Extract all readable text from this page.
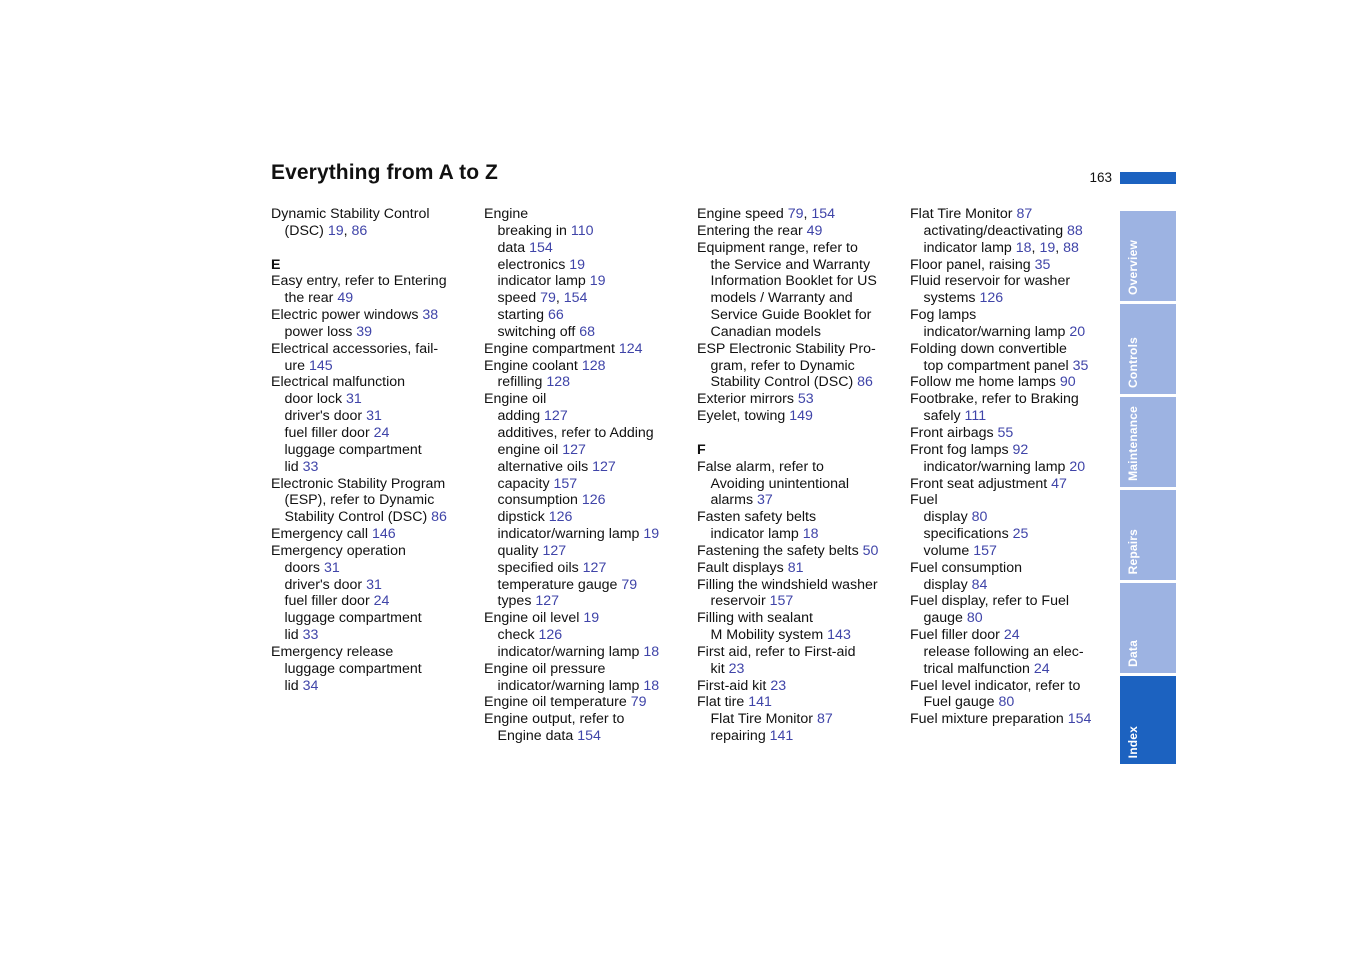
Everything from A to Z	163
Dynamic Stability Control
(DSC) 19, 86
E
Easy entry, refer to Entering
the rear 49
Electric power windows 38
power loss 39
Electrical accessories, fail-
ure 145
Electrical malfunction
door lock 31
driver's door 31
fuel filler door 24
luggage compartment
lid 33
Electronic Stability Program
(ESP), refer to Dynamic
Stability Control (DSC) 86
Emergency call 146
Emergency operation
doors 31
driver's door 31
fuel filler door 24
luggage compartment
lid 33
Emergency release
luggage compartment
lid 34
Engine
breaking in 110
data 154
electronics 19
indicator lamp 19
speed 79, 154
starting 66
switching off 68
Engine compartment 124
Engine coolant 128
refilling 128
Engine oil
adding 127
additives, refer to Adding
engine oil 127
alternative oils 127
capacity 157
consumption 126
dipstick 126
indicator/warning lamp 19
quality 127
specified oils 127
temperature gauge 79
types 127
Engine oil level 19
check 126
indicator/warning lamp 18
Engine oil pressure
indicator/warning lamp 18
Engine oil temperature 79
Engine output, refer to
Engine data 154
Engine speed 79, 154
Entering the rear 49
Equipment range, refer to
the Service and Warranty
Information Booklet for US
models / Warranty and
Service Guide Booklet for
Canadian models
ESP Electronic Stability Pro-
gram, refer to Dynamic
Stability Control (DSC) 86
Exterior mirrors 53
Eyelet, towing 149
F
False alarm, refer to
Avoiding unintentional
alarms 37
Fasten safety belts
indicator lamp 18
Fastening the safety belts 50
Fault displays 81
Filling the windshield washer
reservoir 157
Filling with sealant
M Mobility system 143
First aid, refer to First-aid
kit 23
First-aid kit 23
Flat tire 141
Flat Tire Monitor 87
repairing 141
Flat Tire Monitor 87
activating/deactivating 88
indicator lamp 18, 19, 88
Floor panel, raising 35
Fluid reservoir for washer
systems 126
Fog lamps
indicator/warning lamp 20
Folding down convertible
top compartment panel 35
Follow me home lamps 90
Footbrake, refer to Braking
safely 111
Front airbags 55
Front fog lamps 92
indicator/warning lamp 20
Front seat adjustment 47
Fuel
display 80
specifications 25
volume 157
Fuel consumption
display 84
Fuel display, refer to Fuel
gauge 80
Fuel filler door 24
release following an elec-
trical malfunction 24
Fuel level indicator, refer to
Fuel gauge 80
Fuel mixture preparation 154
Overview
Controls
Maintenance
Repairs
Data
Index
